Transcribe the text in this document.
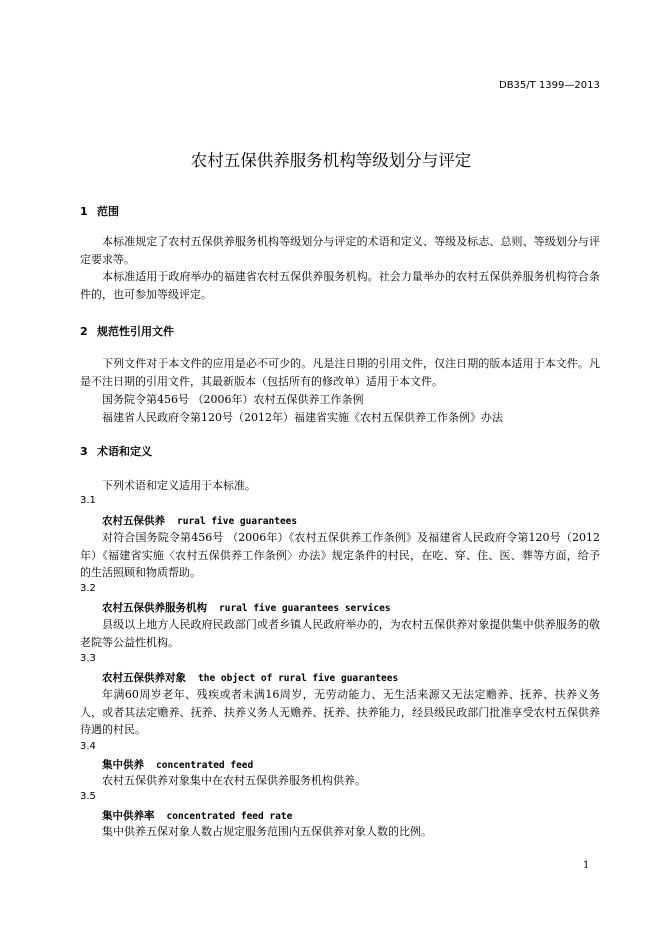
DB35/T 1399—2013
农村五保供养服务机构等级划分与评定
1 范围
本标准规定了农村五保供养服务机构等级划分与评定的术语和定义、等级及标志、总则、等级划分与评定要求等。
本标准适用于政府举办的福建省农村五保供养服务机构。社会力量举办的农村五保供养服务机构符合条件的，也可参加等级评定。
2 规范性引用文件
下列文件对于本文件的应用是必不可少的。凡是注日期的引用文件，仅注日期的版本适用于本文件。凡是不注日期的引用文件，其最新版本（包括所有的修改单）适用于本文件。
国务院令第456号 （2006年）农村五保供养工作条例
福建省人民政府令第120号（2012年）福建省实施《农村五保供养工作条例》办法
3 术语和定义
下列术语和定义适用于本标准。
3.1
农村五保供养 rural five guarantees
对符合国务院令第456号 （2006年）《农村五保供养工作条例》及福建省人民政府令第120号（2012年）《福建省实施〈农村五保供养工作条例〉办法》规定条件的村民，在吃、穿、住、医、葬等方面，给予的生活照顾和物质帮助。
3.2
农村五保供养服务机构 rural five guarantees services
县级以上地方人民政府民政部门或者乡镇人民政府举办的，为农村五保供养对象提供集中供养服务的敬老院等公益性机构。
3.3
农村五保供养对象 the object of rural five guarantees
年满60周岁老年、残疾或者未满16周岁，无劳动能力、无生活来源又无法定赡养、抚养、扶养义务人，或者其法定赡养、抚养、扶养义务人无赡养、抚养、扶养能力，经县级民政部门批准享受农村五保供养待遇的村民。
3.4
集中供养 concentrated feed
农村五保供养对象集中在农村五保供养服务机构供养。
3.5
集中供养率 concentrated feed rate
集中供养五保对象人数占规定服务范围内五保供养对象人数的比例。
1
